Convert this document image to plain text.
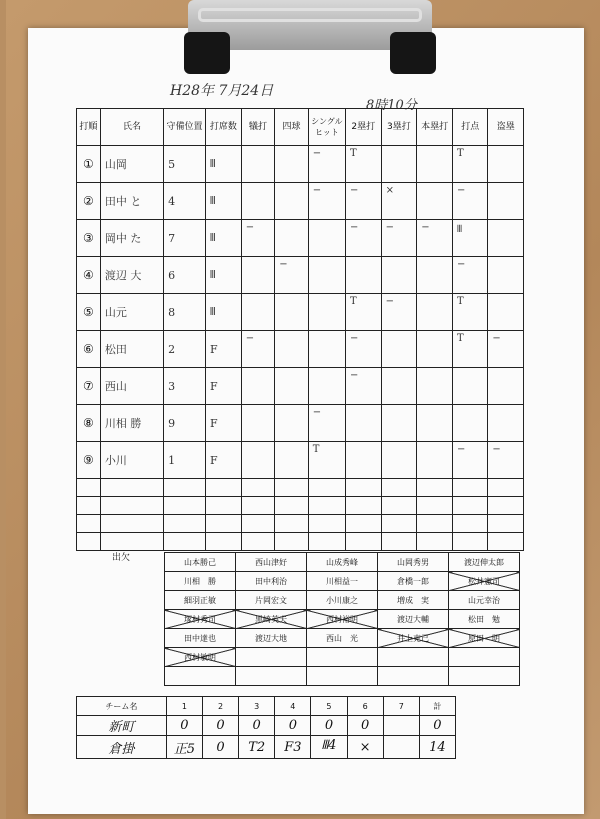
H28年 7月24日
8時10分
打順	氏名	守備位置	打席数	犠打	四球	シングルヒット	2塁打	3塁打	本塁打	打点	盗塁
①	山岡	5	𝍫			−	T			T	
②	田中 と	4	𝍫			−	−	×		−	
③	岡中 た	7	𝍫	−			−	−	−	𝍫	
④	渡辺 大	6	𝍫		−					−	
⑤	山元	8	𝍫				T	−		T	
⑥	松田	2	F	−			−			T	−
⑦	西山	3	F				−				
⑧	川相 勝	9	F			−					
⑨	小川	1	F			T				−	−

出欠	山本勝己	西山津好	山成秀峰	山岡秀男	渡辺伸太郎
川相　勝	田中利治	川相益一	倉橋一郎	松井憲司
細羽正敏	片岡宏文	小川康之	増成　実	山元幸治
塚村秀司	黒崎英夫	西村裕明	渡辺大輔	松田　勉
田中達也	渡辺大地	西山　光	井上克己	原田　明
西村敏明				

チーム名	1	2	3	4	5	6	7	計
新町	0	0	0	0	0	0		0
倉掛	正5	0	T2	F3	𝍫4	×		14
